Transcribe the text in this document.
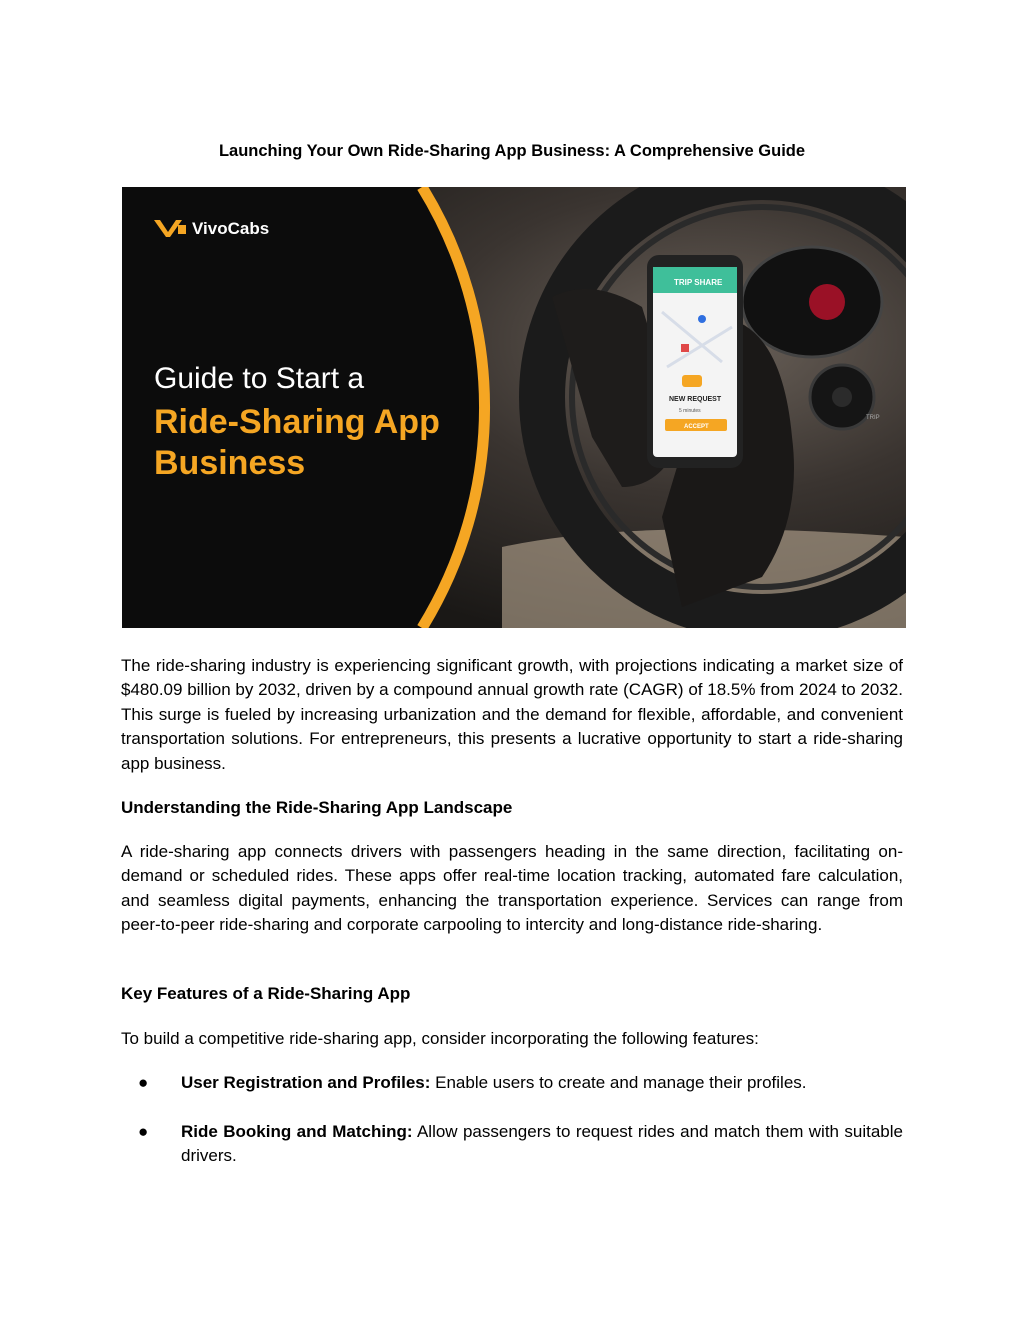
Launching Your Own Ride-Sharing App Business: A Comprehensive Guide
TRIP SHARE
NEW REQUEST
5 minutes
ACCEPT
TRIP
VivoCabs
Guide to Start a
Ride-Sharing App
Business

The ride-sharing industry is experiencing significant growth, with projections indicating a market size of $480.09 billion by 2032, driven by a compound annual growth rate (CAGR) of 18.5% from 2024 to 2032. This surge is fueled by increasing urbanization and the demand for flexible, affordable, and convenient transportation solutions. For entrepreneurs, this presents a lucrative opportunity to start a ride-sharing app business.

Understanding the Ride-Sharing App Landscape

A ride-sharing app connects drivers with passengers heading in the same direction, facilitating on-demand or scheduled rides. These apps offer real-time location tracking, automated fare calculation, and seamless digital payments, enhancing the transportation experience. Services can range from peer-to-peer ride-sharing and corporate carpooling to intercity and long-distance ride-sharing.

Key Features of a Ride-Sharing App

To build a competitive ride-sharing app, consider incorporating the following features:

● User Registration and Profiles: Enable users to create and manage their profiles.
● Ride Booking and Matching: Allow passengers to request rides and match them with suitable drivers.
